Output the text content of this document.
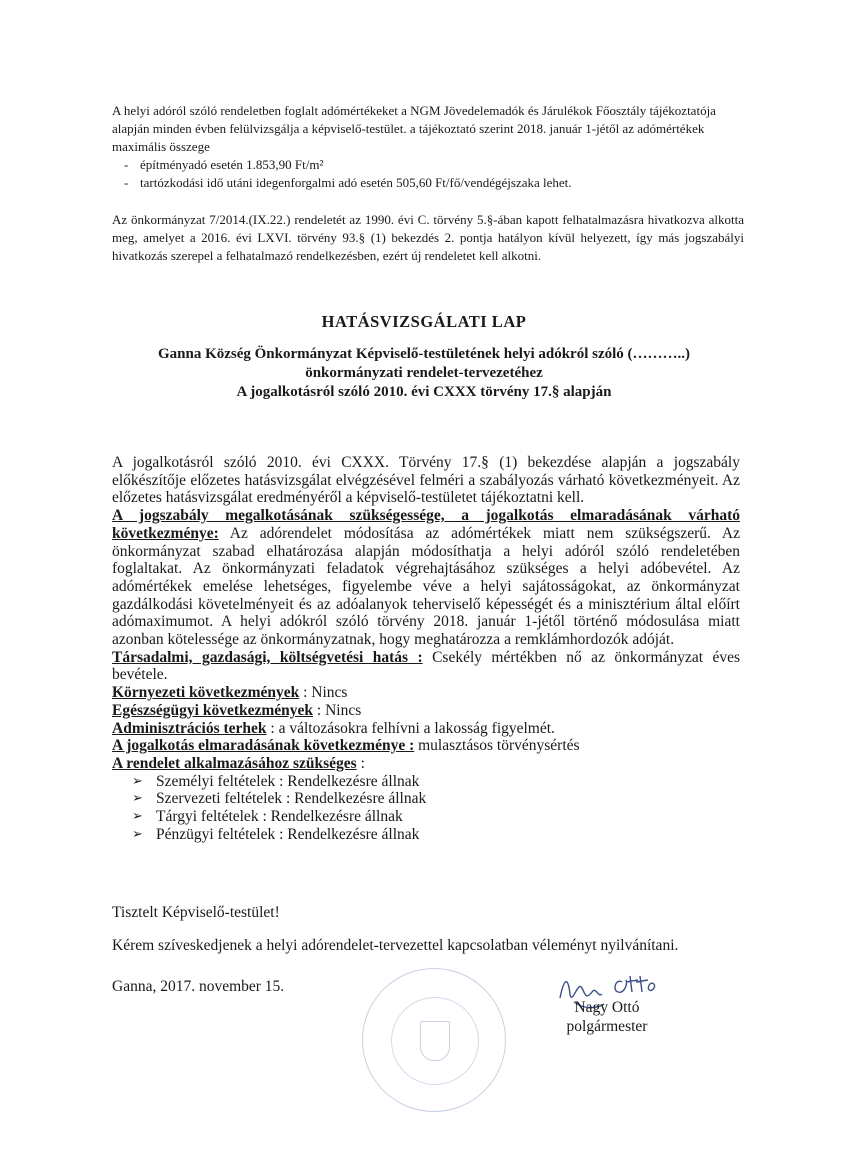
A helyi adóról szóló rendeletben foglalt adómértékeket a NGM Jövedelemadók és Járulékok Főosztály tájékoztatója alapján minden évben felülvizsgálja a képviselő-testület. a tájékoztató szerint 2018. január 1-jétől az adómértékek maximális összege

- építményadó esetén 1.853,90 Ft/m²
- tartózkodási idő utáni idegenforgalmi adó esetén 505,60 Ft/fő/vendégéjszaka lehet.

Az önkormányzat 7/2014.(IX.22.) rendeletét az 1990. évi C. törvény 5.§-ában kapott felhatalmazásra hivatkozva alkotta meg, amelyet a 2016. évi LXVI. törvény 93.§ (1) bekezdés 2. pontja hatályon kívül helyezett, így más jogszabályi hivatkozás szerepel a felhatalmazó rendelkezésben, ezért új rendeletet kell alkotni.

HATÁSVIZSGÁLATI LAP
Ganna Község Önkormányzat Képviselő-testületének helyi adókról szóló (………..)
önkormányzati rendelet-tervezetéhez
A jogalkotásról szóló 2010. évi CXXX törvény 17.§ alapján

A jogalkotásról szóló 2010. évi CXXX. Törvény 17.§ (1) bekezdése alapján a jogszabály előkészítője előzetes hatásvizsgálat elvégzésével felméri a szabályozás várható következményeit. Az előzetes hatásvizsgálat eredményéről a képviselő-testületet tájékoztatni kell.

A jogszabály megalkotásának szükségessége, a jogalkotás elmaradásának várható következménye: Az adórendelet módosítása az adómértékek miatt nem szükségszerű. Az önkormányzat szabad elhatározása alapján módosíthatja a helyi adóról szóló rendeletében foglaltakat. Az önkormányzati feladatok végrehajtásához szükséges a helyi adóbevétel. Az adómértékek emelése lehetséges, figyelembe véve a helyi sajátosságokat, az önkormányzat gazdálkodási követelményeit és az adóalanyok teherviselő képességét és a minisztérium által előírt adómaximumot. A helyi adókról szóló törvény 2018. január 1-jétől történő módosulása miatt azonban kötelessége az önkormányzatnak, hogy meghatározza a remklámhordozók adóját.

Társadalmi, gazdasági, költségvetési hatás : Csekély mértékben nő az önkormányzat éves bevétele.

Környezeti következmények : Nincs

Egészségügyi következmények : Nincs

Adminisztrációs terhek : a változásokra felhívni a lakosság figyelmét.

A jogalkotás elmaradásának következménye : mulasztásos törvénysértés

A rendelet alkalmazásához szükséges :

➢ Személyi feltételek : Rendelkezésre állnak
➢ Szervezeti feltételek : Rendelkezésre állnak
➢ Tárgyi feltételek : Rendelkezésre állnak
➢ Pénzügyi feltételek : Rendelkezésre állnak
Tisztelt Képviselő-testület!
Kérem szíveskedjenek a helyi adórendelet-tervezettel kapcsolatban véleményt nyilvánítani.
Ganna, 2017. november 15.
Nagy Ottó
polgármester
